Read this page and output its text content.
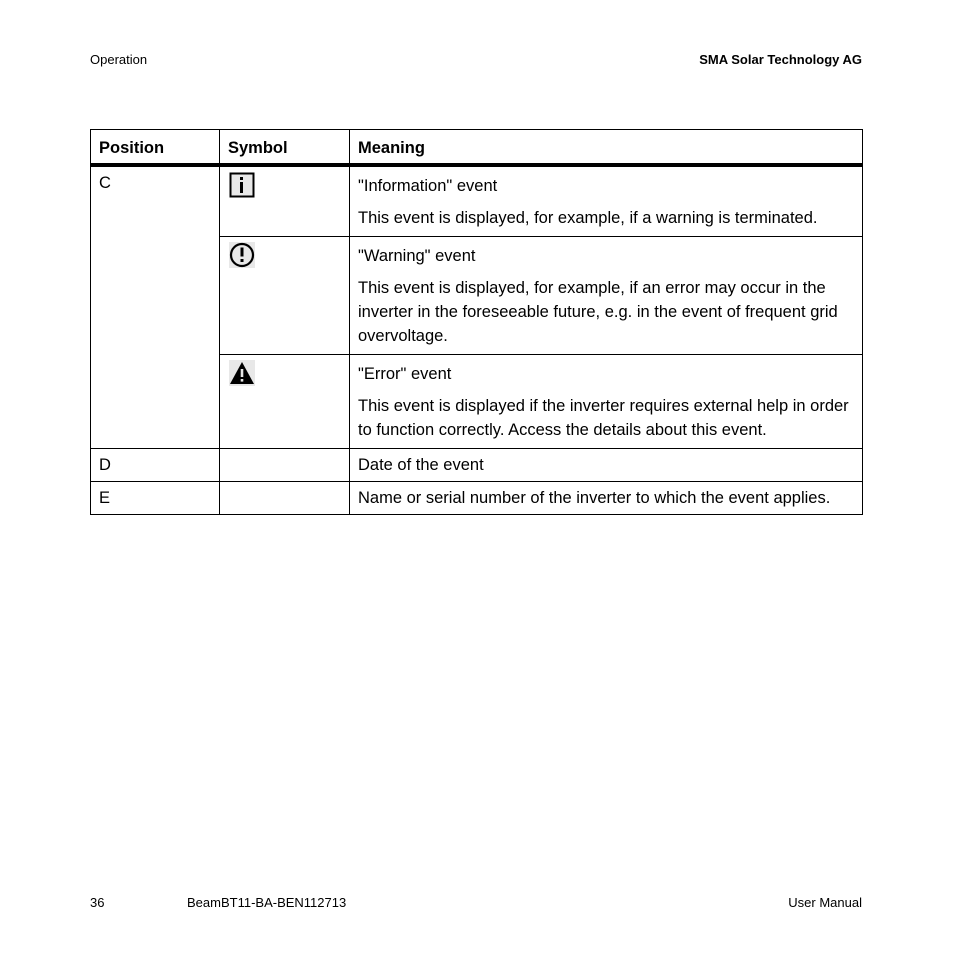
Operation	SMA Solar Technology AG
Position	Symbol	Meaning
C		"Information" event

This event is displayed, for example, if a warning is terminated.

"Warning" event

This event is displayed, for example, if an error may occur in the inverter in the foreseeable future, e.g. in the event of frequent grid overvoltage.

"Error" event

This event is displayed if the inverter requires external help in order to function correctly. Access the details about this event.

D		Date of the event

E		Name or serial number of the inverter to which the event applies.

36	BeamBT11-BA-BEN112713	User Manual
